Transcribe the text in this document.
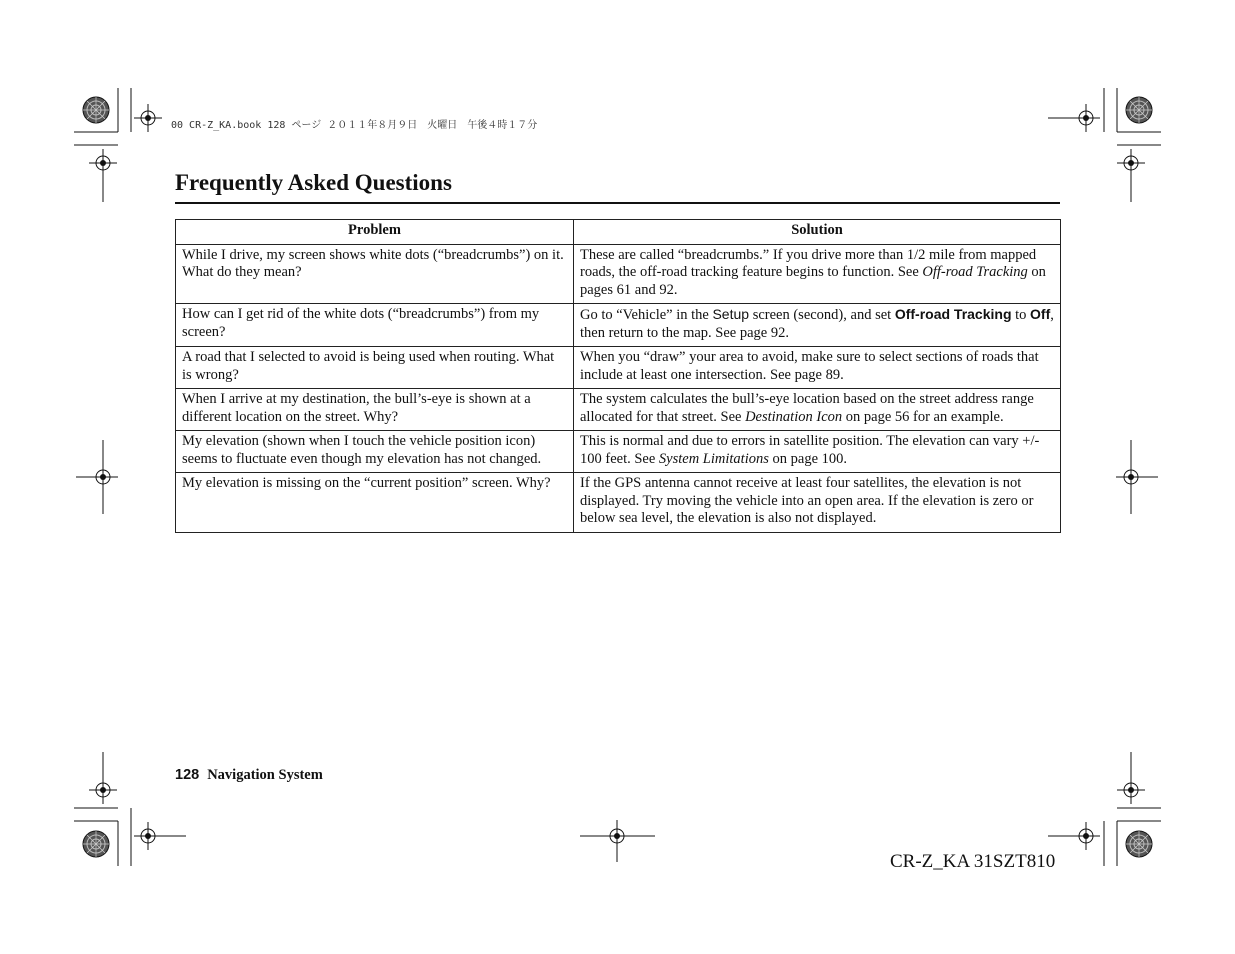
00 CR-Z_KA.book 128 ページ ２０１１年８月９日　火曜日　午後４時１７分
Frequently Asked Questions
Problem	Solution
While I drive, my screen shows white dots (“breadcrumbs”) on it. What do they mean?	These are called “breadcrumbs.” If you drive more than 1/2 mile from mapped roads, the off-road tracking feature begins to function. See Off-road Tracking on pages 61 and 92.
How can I get rid of the white dots (“breadcrumbs”) from my screen?	Go to “Vehicle” in the Setup screen (second), and set Off-road Tracking to Off, then return to the map. See page 92.
A road that I selected to avoid is being used when routing. What is wrong?	When you “draw” your area to avoid, make sure to select sections of roads that include at least one intersection. See page 89.
When I arrive at my destination, the bull’s-eye is shown at a different location on the street. Why?	The system calculates the bull’s-eye location based on the street address range allocated for that street. See Destination Icon on page 56 for an example.
My elevation (shown when I touch the vehicle position icon) seems to fluctuate even though my elevation has not changed.	This is normal and due to errors in satellite position. The elevation can vary +/- 100 feet. See System Limitations on page 100.
My elevation is missing on the “current position” screen. Why?	If the GPS antenna cannot receive at least four satellites, the elevation is not displayed. Try moving the vehicle into an open area. If the elevation is zero or below sea level, the elevation is also not displayed.
128 Navigation System
CR-Z_KA 31SZT810
